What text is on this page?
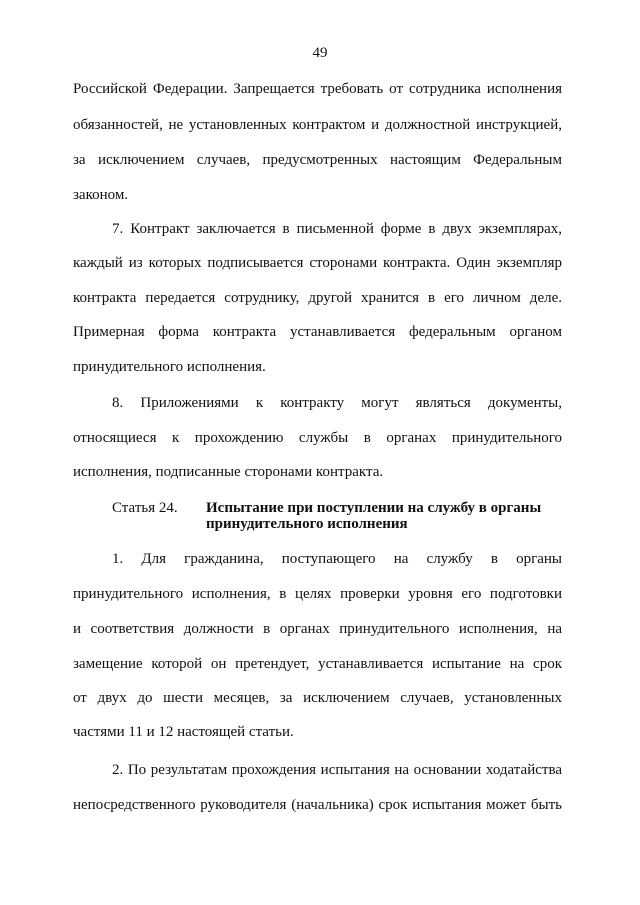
49
Российской Федерации. Запрещается требовать от сотрудника исполнения
обязанностей, не установленных контрактом и должностной инструкцией,
за исключением случаев, предусмотренных настоящим Федеральным
законом.
7. Контракт заключается в письменной форме в двух экземплярах,
каждый из которых подписывается сторонами контракта. Один экземпляр
контракта передается сотруднику, другой хранится в его личном деле.
Примерная форма контракта устанавливается федеральным органом
принудительного исполнения.
8. Приложениями к контракту могут являться документы,
относящиеся к прохождению службы в органах принудительного
исполнения, подписанные сторонами контракта.
Статья 24. Испытание при поступлении на службу в органы
принудительного исполнения
1. Для гражданина, поступающего на службу в органы
принудительного исполнения, в целях проверки уровня его подготовки
и соответствия должности в органах принудительного исполнения, на
замещение которой он претендует, устанавливается испытание на срок
от двух до шести месяцев, за исключением случаев, установленных
частями 11 и 12 настоящей статьи.
2. По результатам прохождения испытания на основании ходатайства
непосредственного руководителя (начальника) срок испытания может быть
